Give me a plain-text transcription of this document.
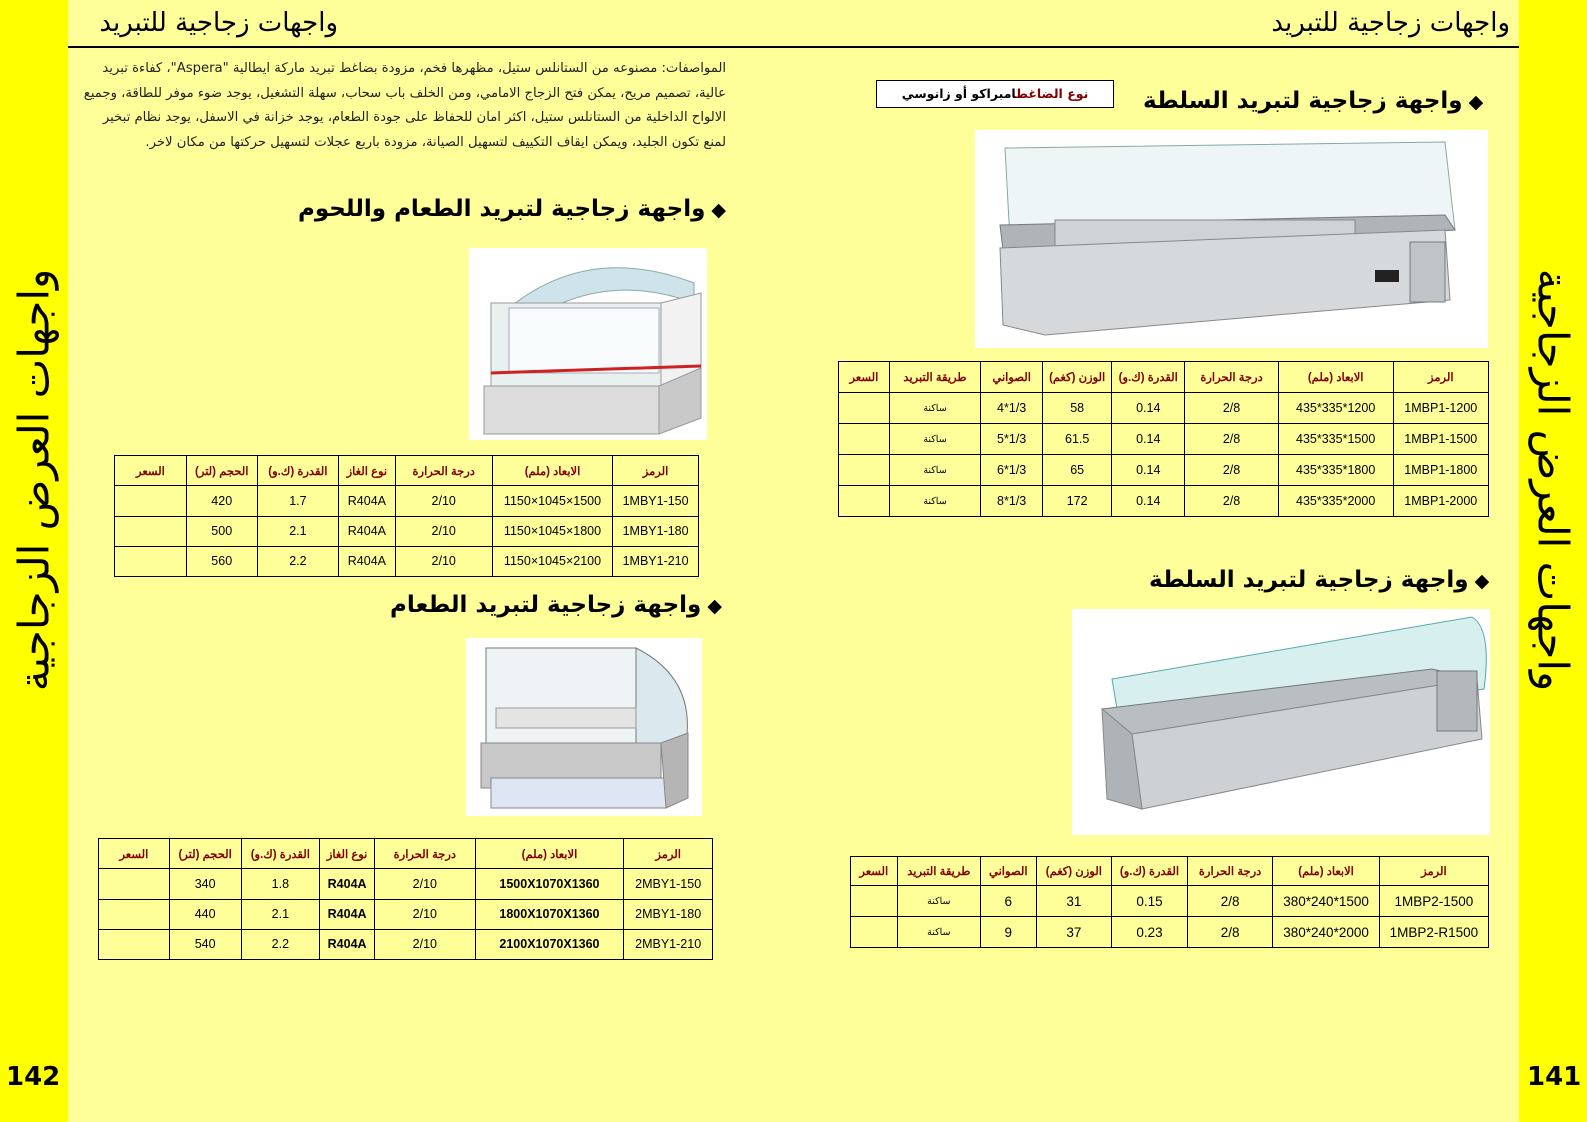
واجهات العرض الزجاجية	واجهات العرض الزجاجية
142	141
واجهات زجاجية للتبريد	واجهات زجاجية للتبريد
المواصفات: مصنوعه من الستانلس ستيل، مظهرها فخم، مزودة بضاغط تبريد ماركة ايطالية "Aspera"، كفاءة تبريد عالية، تصميم مريح، يمكن فتح الزجاج الامامي، ومن الخلف باب سحاب، سهلة التشغيل، يوجد ضوء موفر للطاقة، وجميع الالواح الداخلية من الستانلس ستيل، اكثر امان للحفاظ على جودة الطعام، يوجد خزانة في الاسفل، يوجد نظام تبخير لمنع تكون الجليد، ويمكن ايقاف التكييف لتسهيل الصيانة، مزودة باربع عجلات لتسهيل حركتها من مكان لاخر.
◆واجهة زجاجية لتبريد الطعام واللحوم
الرمز	الابعاد (ملم)	درجة الحرارة	نوع الغاز	القدرة (ك.و)	الحجم (لتر)	السعر
1MBY1-150	1500×1045×1150	2/10	R404A	1.7	420	
1MBY1-180	1800×1045×1150	2/10	R404A	2.1	500	
1MBY1-210	2100×1045×1150	2/10	R404A	2.2	560	
◆واجهة زجاجية لتبريد الطعام
الرمز	الابعاد (ملم)	درجة الحرارة	نوع الغاز	القدرة (ك.و)	الحجم (لتر)	السعر
2MBY1-150	1500X1070X1360	2/10	R404A	1.8	340	
2MBY1-180	1800X1070X1360	2/10	R404A	2.1	440	
2MBY1-210	2100X1070X1360	2/10	R404A	2.2	540	
نوع الضاغطامبراكو أو زانوسي	◆واجهة زجاجية لتبريد السلطة
الرمز	الابعاد (ملم)	درجة الحرارة	القدرة (ك.و)	الوزن (كغم)	الصواني	طريقة التبريد	السعر
1MBP1-1200	1200*335*435	2/8	0.14	58	1/3*4	ساكنة	
1MBP1-1500	1500*335*435	2/8	0.14	61.5	1/3*5	ساكنة	
1MBP1-1800	1800*335*435	2/8	0.14	65	1/3*6	ساكنة	
1MBP1-2000	2000*335*435	2/8	0.14	172	1/3*8	ساكنة	
◆واجهة زجاجية لتبريد السلطة
الرمز	الابعاد (ملم)	درجة الحرارة	القدرة (ك.و)	الوزن (كغم)	الصواني	طريقة التبريد	السعر
1MBP2-1500	1500*240*380	2/8	0.15	31	6	ساكنة	
1MBP2-R1500	2000*240*380	2/8	0.23	37	9	ساكنة	
